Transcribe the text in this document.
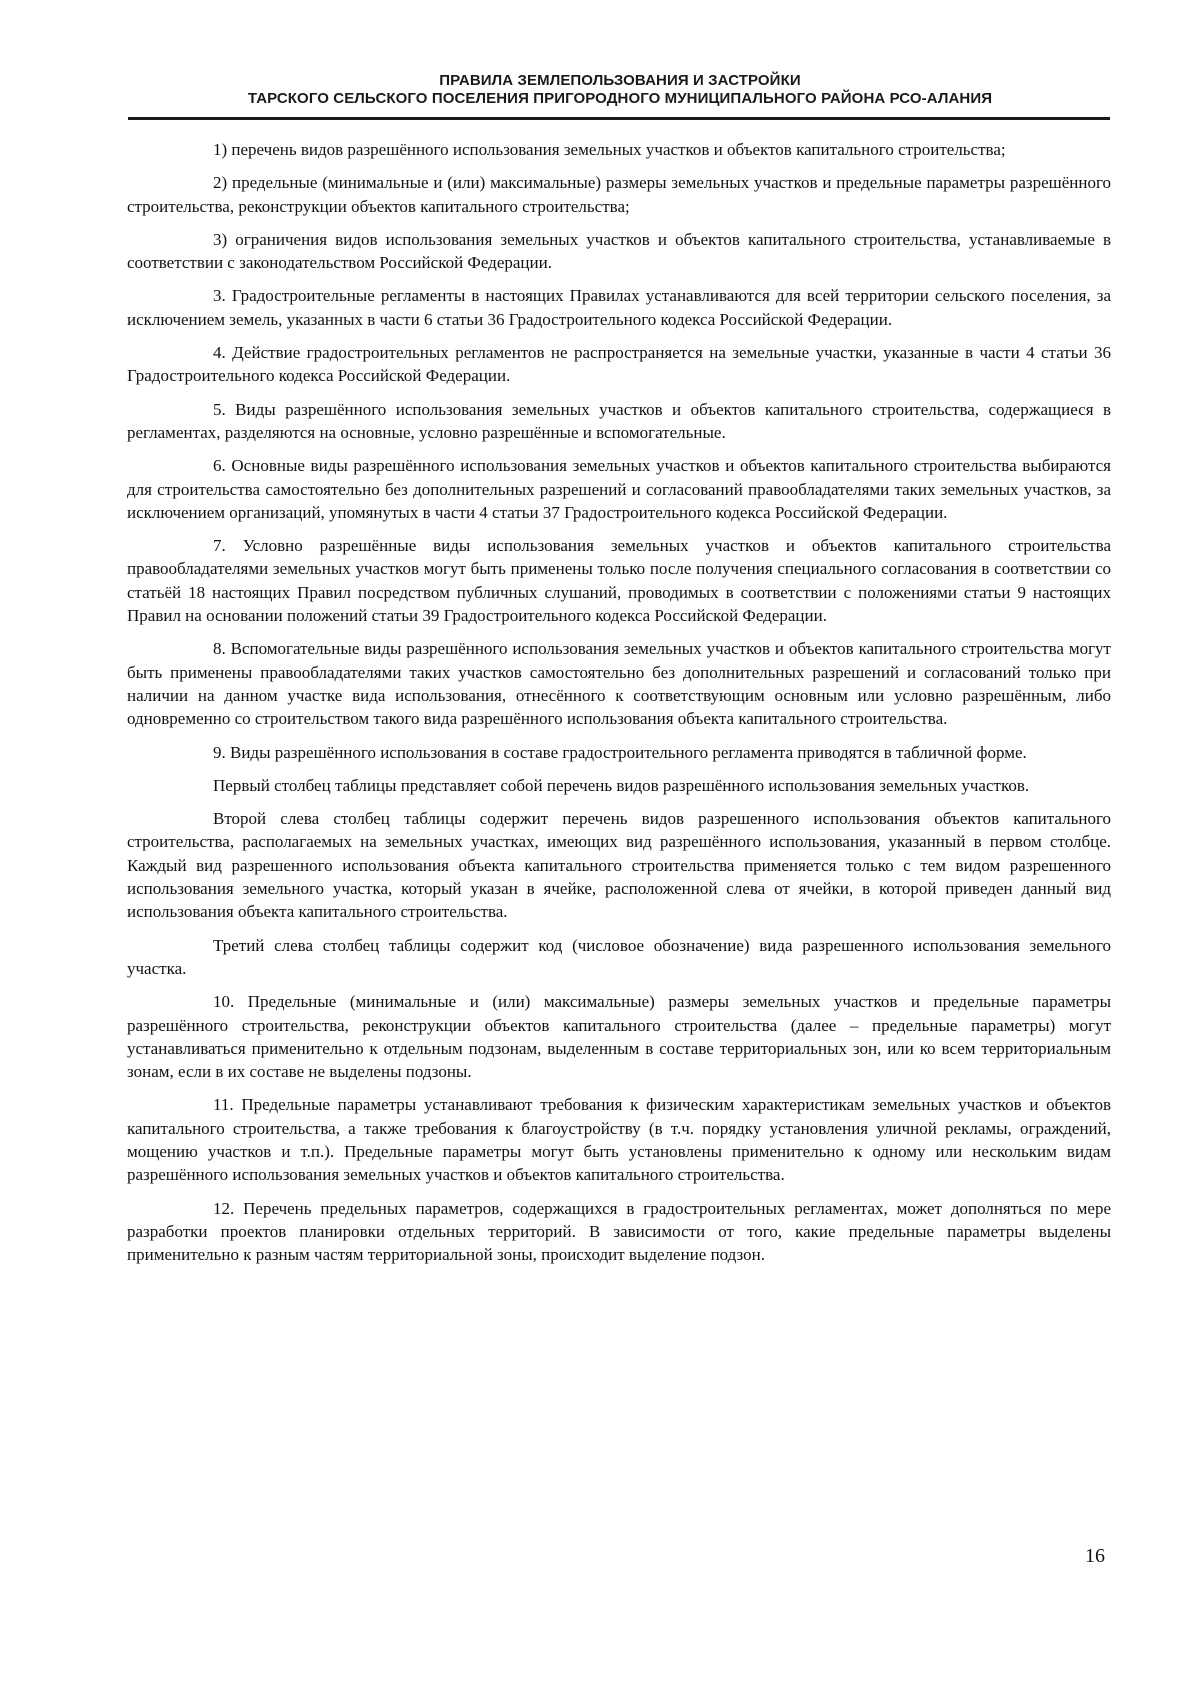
ПРАВИЛА ЗЕМЛЕПОЛЬЗОВАНИЯ И ЗАСТРОЙКИ
ТАРСКОГО СЕЛЬСКОГО ПОСЕЛЕНИЯ ПРИГОРОДНОГО МУНИЦИПАЛЬНОГО РАЙОНА РСО-АЛАНИЯ

1) перечень видов разрешённого использования земельных участков и объектов капитального строительства;

2) предельные (минимальные и (или) максимальные) размеры земельных участков и предельные параметры разрешённого строительства, реконструкции объектов капитального строительства;

3) ограничения видов использования земельных участков и объектов капитального строительства, устанавливаемые в соответствии с законодательством Российской Федерации.

3. Градостроительные регламенты в настоящих Правилах устанавливаются для всей территории сельского поселения, за исключением земель, указанных в части 6 статьи 36 Градостроительного кодекса Российской Федерации.

4. Действие градостроительных регламентов не распространяется на земельные участки, указанные в части 4 статьи 36 Градостроительного кодекса Российской Федерации.

5. Виды разрешённого использования земельных участков и объектов капитального строительства, содержащиеся в регламентах, разделяются на основные, условно разрешённые и вспомогательные.

6. Основные виды разрешённого использования земельных участков и объектов капитального строительства выбираются для строительства самостоятельно без дополнительных разрешений и согласований правообладателями таких земельных участков, за исключением организаций, упомянутых в части 4 статьи 37 Градостроительного кодекса Российской Федерации.

7. Условно разрешённые виды использования земельных участков и объектов капитального строительства правообладателями земельных участков могут быть применены только после получения специального согласования в соответствии со статьёй 18 настоящих Правил посредством публичных слушаний, проводимых в соответствии с положениями статьи 9 настоящих Правил на основании положений статьи 39 Градостроительного кодекса Российской Федерации.

8. Вспомогательные виды разрешённого использования земельных участков и объектов капитального строительства могут быть применены правообладателями таких участков самостоятельно без дополнительных разрешений и согласований только при наличии на данном участке вида использования, отнесённого к соответствующим основным или условно разрешённым, либо одновременно со строительством такого вида разрешённого использования объекта капитального строительства.

9. Виды разрешённого использования в составе градостроительного регламента приводятся в табличной форме.

Первый столбец таблицы представляет собой перечень видов разрешённого использования земельных участков.

Второй слева столбец таблицы содержит перечень видов разрешенного использования объектов капитального строительства, располагаемых на земельных участках, имеющих вид разрешённого использования, указанный в первом столбце. Каждый вид разрешенного использования объекта капитального строительства применяется только с тем видом разрешенного использования земельного участка, который указан в ячейке, расположенной слева от ячейки, в которой приведен данный вид использования объекта капитального строительства.

Третий слева столбец таблицы содержит код (числовое обозначение) вида разрешенного использования земельного участка.

10. Предельные (минимальные и (или) максимальные) размеры земельных участков и предельные параметры разрешённого строительства, реконструкции объектов капитального строительства (далее – предельные параметры) могут устанавливаться применительно к отдельным подзонам, выделенным в составе территориальных зон, или ко всем территориальным зонам, если в их составе не выделены подзоны.

11. Предельные параметры устанавливают требования к физическим характеристикам земельных участков и объектов капитального строительства, а также требования к благоустройству (в т.ч. порядку установления уличной рекламы, ограждений, мощению участков и т.п.). Предельные параметры могут быть установлены применительно к одному или нескольким видам разрешённого использования земельных участков и объектов капитального строительства.

12. Перечень предельных параметров, содержащихся в градостроительных регламентах, может дополняться по мере разработки проектов планировки отдельных территорий. В зависимости от того, какие предельные параметры выделены применительно к разным частям территориальной зоны, происходит выделение подзон.

16
